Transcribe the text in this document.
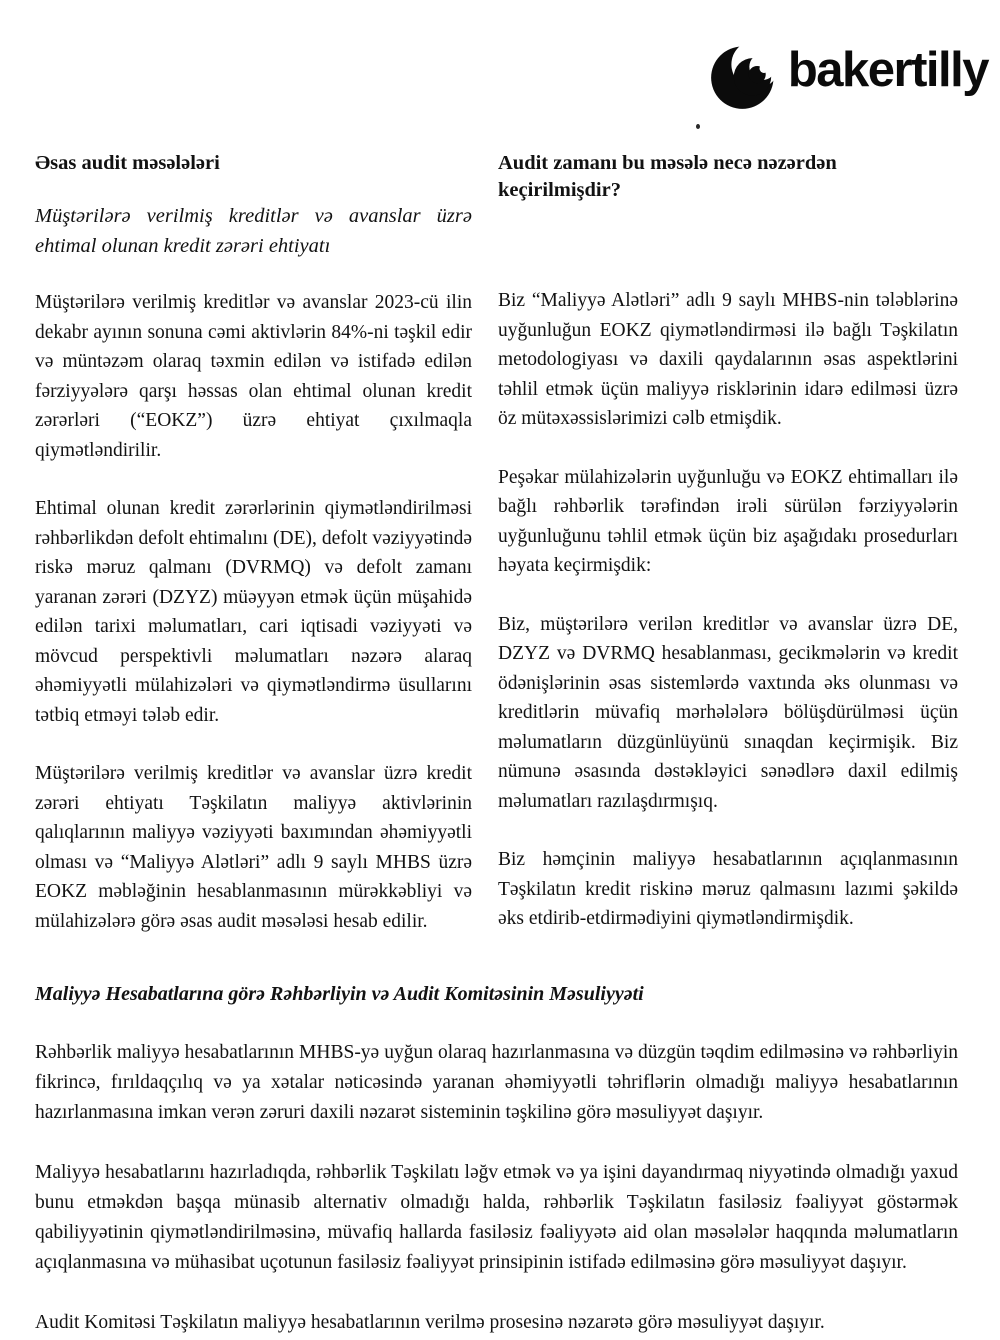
bakertilly
Əsas audit məsələləri

Müştərilərə verilmiş kreditlər və avanslar üzrə ehtimal olunan kredit zərəri ehtiyatı

Müştərilərə verilmiş kreditlər və avanslar 2023-cü ilin dekabr ayının sonuna cəmi aktivlərin 84%-ni təşkil edir və müntəzəm olaraq təxmin edilən və istifadə edilən fərziyyələrə qarşı həssas olan ehtimal olunan kredit zərərləri (“EOKZ”) üzrə ehtiyat çıxılmaqla qiymətləndirilir.

Ehtimal olunan kredit zərərlərinin qiymətləndirilməsi rəhbərlikdən defolt ehtimalını (DE), defolt vəziyyətində riskə məruz qalmanı (DVRMQ) və defolt zamanı yaranan zərəri (DZYZ) müəyyən etmək üçün müşahidə edilən tarixi məlumatları, cari iqtisadi vəziyyəti və mövcud perspektivli məlumatları nəzərə alaraq əhəmiyyətli mülahizələri və qiymətləndirmə üsullarını tətbiq etməyi tələb edir.

Müştərilərə verilmiş kreditlər və avanslar üzrə kredit zərəri ehtiyatı Təşkilatın maliyyə aktivlərinin qalıqlarının maliyyə vəziyyəti baxımından əhəmiyyətli olması və “Maliyyə Alətləri” adlı 9 saylı MHBS üzrə EOKZ məbləğinin hesablanmasının mürəkkəbliyi və mülahizələrə görə əsas audit məsələsi hesab edilir.

Audit zamanı bu məsələ necə nəzərdən keçirilmişdir?

Biz “Maliyyə Alətləri” adlı 9 saylı MHBS-nin tələblərinə uyğunluğun EOKZ qiymətləndirməsi ilə bağlı Təşkilatın metodologiyası və daxili qaydalarının əsas aspektlərini təhlil etmək üçün maliyyə risklərinin idarə edilməsi üzrə öz mütəxəssislərimizi cəlb etmişdik.

Peşəkar mülahizələrin uyğunluğu və EOKZ ehtimalları ilə bağlı rəhbərlik tərəfindən irəli sürülən fərziyyələrin uyğunluğunu təhlil etmək üçün biz aşağıdakı prosedurları həyata keçirmişdik:

Biz, müştərilərə verilən kreditlər və avanslar üzrə DE, DZYZ və DVRMQ hesablanması, gecikmələrin və kredit ödənişlərinin əsas sistemlərdə vaxtında əks olunması və kreditlərin müvafiq mərhələlərə bölüşdürülməsi üçün məlumatların düzgünlüyünü sınaqdan keçirmişik. Biz nümunə əsasında dəstəkləyici sənədlərə daxil edilmiş məlumatları razılaşdırmışıq.

Biz həmçinin maliyyə hesabatlarının açıqlanmasının Təşkilatın kredit riskinə məruz qalmasını lazımi şəkildə əks etdirib-etdirmədiyini qiymətləndirmişdik.

Maliyyə Hesabatlarına görə Rəhbərliyin və Audit Komitəsinin Məsuliyyəti

Rəhbərlik maliyyə hesabatlarının MHBS-yə uyğun olaraq hazırlanmasına və düzgün təqdim edilməsinə və rəhbərliyin fikrincə, fırıldaqçılıq və ya xətalar nəticəsində yaranan əhəmiyyətli təhriflərin olmadığı maliyyə hesabatlarının hazırlanmasına imkan verən zəruri daxili nəzarət sisteminin təşkilinə görə məsuliyyət daşıyır.

Maliyyə hesabatlarını hazırladıqda, rəhbərlik Təşkilatı ləğv etmək və ya işini dayandırmaq niyyətində olmadığı yaxud bunu etməkdən başqa münasib alternativ olmadığı halda, rəhbərlik Təşkilatın fasiləsiz fəaliyyət göstərmək qabiliyyətinin qiymətləndirilməsinə, müvafiq hallarda fasiləsiz fəaliyyətə aid olan məsələlər haqqında məlumatların açıqlanmasına və mühasibat uçotunun fasiləsiz fəaliyyət prinsipinin istifadə edilməsinə görə məsuliyyət daşıyır.

Audit Komitəsi Təşkilatın maliyyə hesabatlarının verilmə prosesinə nəzarətə görə məsuliyyət daşıyır.
